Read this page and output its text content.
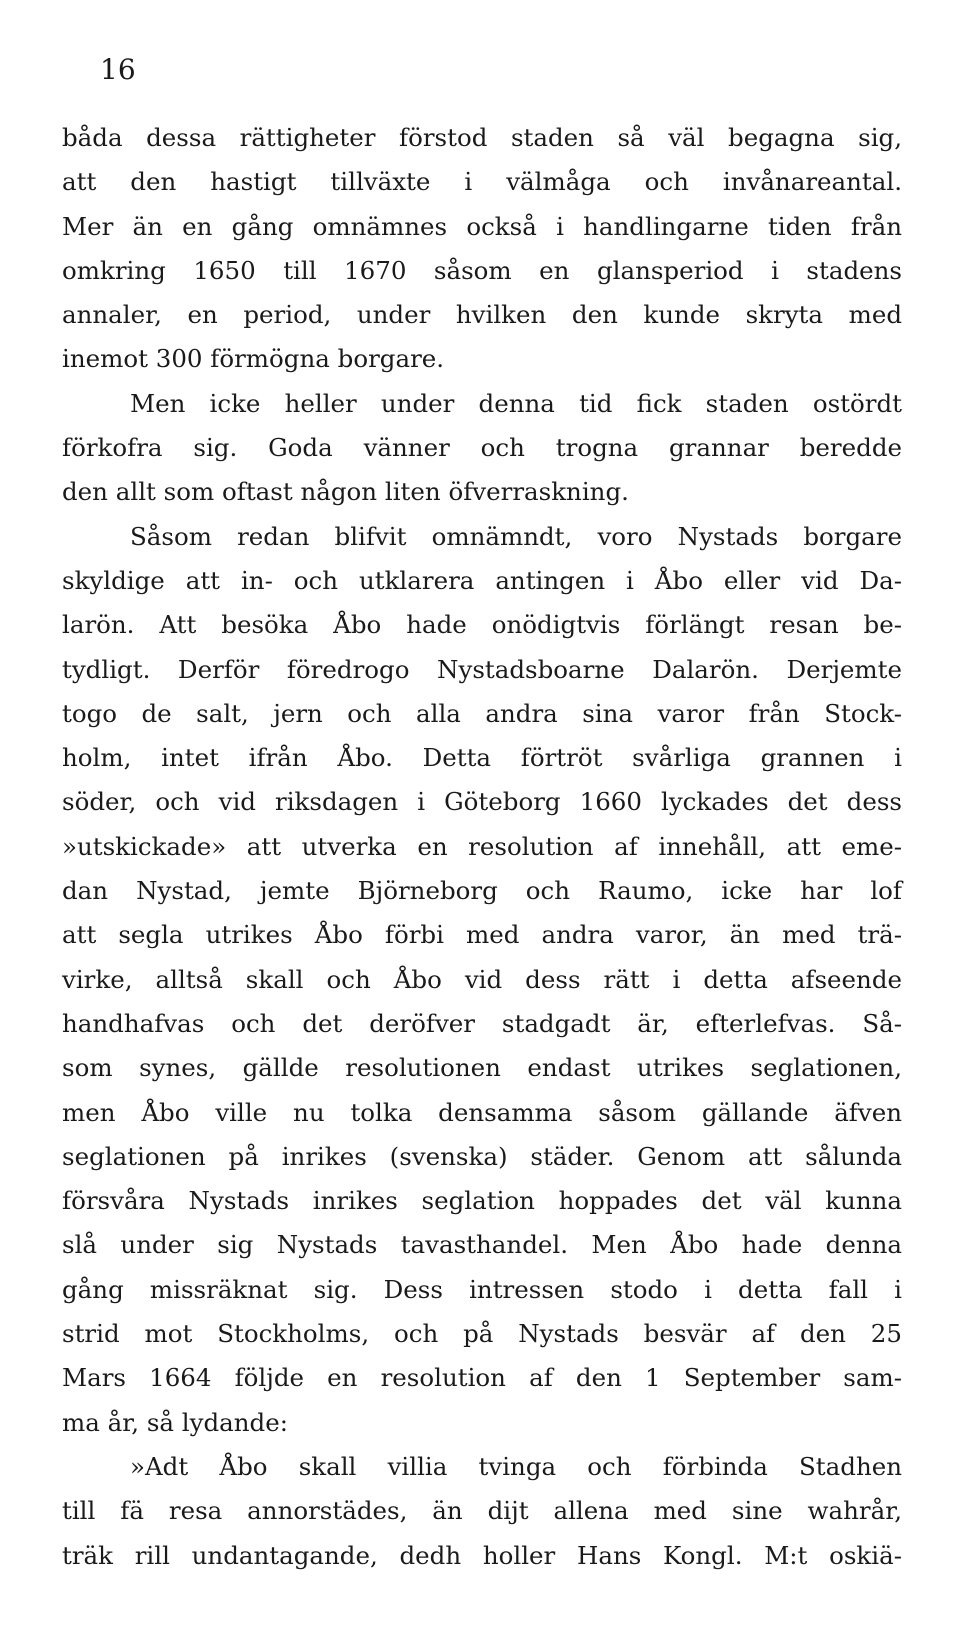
16
båda dessa rättigheter förstod staden så väl begagna sig,
att den hastigt tillväxte i välmåga och invånareantal.
Mer än en gång omnämnes också i handlingarne tiden från
omkring 1650 till 1670 såsom en glansperiod i stadens
annaler, en period, under hvilken den kunde skryta med
inemot 300 förmögna borgare.
Men icke heller under denna tid fick staden ostördt
förkofra sig. Goda vänner och trogna grannar beredde
den allt som oftast någon liten öfverraskning.
Såsom redan blifvit omnämndt, voro Nystads borgare
skyldige att in- och utklarera antingen i Åbo eller vid Da-
larön. Att besöka Åbo hade onödigtvis förlängt resan be-
tydligt. Derför föredrogo Nystadsboarne Dalarön. Derjemte
togo de salt, jern och alla andra sina varor från Stock-
holm, intet ifrån Åbo. Detta förtröt svårliga grannen i
söder, och vid riksdagen i Göteborg 1660 lyckades det dess
»utskickade» att utverka en resolution af innehåll, att eme-
dan Nystad, jemte Björneborg och Raumo, icke har lof
att segla utrikes Åbo förbi med andra varor, än med trä-
virke, alltså skall och Åbo vid dess rätt i detta afseende
handhafvas och det deröfver stadgadt är, efterlefvas. Så-
som synes, gällde resolutionen endast utrikes seglationen,
men Åbo ville nu tolka densamma såsom gällande äfven
seglationen på inrikes (svenska) städer. Genom att sålunda
försvåra Nystads inrikes seglation hoppades det väl kunna
slå under sig Nystads tavasthandel. Men Åbo hade denna
gång missräknat sig. Dess intressen stodo i detta fall i
strid mot Stockholms, och på Nystads besvär af den 25
Mars 1664 följde en resolution af den 1 September sam-
ma år, så lydande:
»Adt Åbo skall villia tvinga och förbinda Stadhen
till fä resa annorstädes, än dijt allena med sine wahrår,
träk rill undantagande, dedh holler Hans Kongl. M:t oskiä-
